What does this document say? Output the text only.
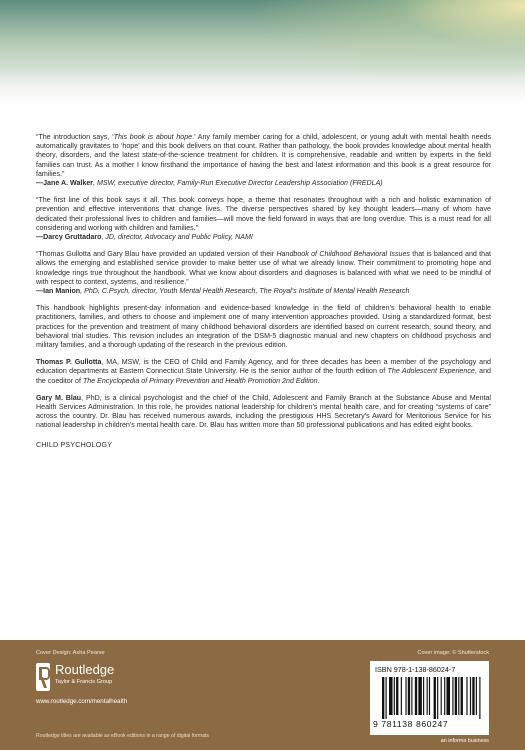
“The introduction says, ‘This book is about hope.’ Any family member caring for a child, adolescent, or young adult with mental health needs automatically gravitates to ‘hope’ and this book delivers on that count. Rather than pathology, the book provides knowledge about mental health theory, disorders, and the latest state-of-the-science treatment for children. It is comprehensive, readable and written by experts in the field families can trust. As a mother I know firsthand the importance of having the best and latest information and this book is a great resource for families.”

—Jane A. Walker, MSW, executive director, Family-Run Executive Director Leadership Association (FREDLA)

“The first line of this book says it all. This book conveys hope, a theme that resonates throughout with a rich and holistic examination of prevention and effective interventions that change lives. The diverse perspectives shared by key thought leaders—many of whom have dedicated their professional lives to children and families—will move the field forward in ways that are long overdue. This is a must read for all considering and working with children and families.”

—Darcy Gruttadaro, JD, director, Advocacy and Public Policy, NAMI

“Thomas Gullotta and Gary Blau have provided an updated version of their Handbook of Childhood Behavioral Issues that is balanced and that allows the emerging and established service provider to make better use of what we already know. Their commitment to promoting hope and knowledge rings true throughout the handbook. What we know about disorders and diagnoses is balanced with what we need to be mindful of with respect to context, systems, and resilience.”

—Ian Manion, PhD, C.Psych, director, Youth Mental Health Research, The Royal’s Institute of Mental Health Research

This handbook highlights present-day information and evidence-based knowledge in the field of children’s behavioral health to enable practitioners, families, and others to choose and implement one of many intervention approaches provided. Using a standardized format, best practices for the prevention and treatment of many childhood behavioral disorders are identified based on current research, sound theory, and behavioral trial studies. This revision includes an integration of the DSM-5 diagnostic manual and new chapters on childhood psychosis and military families, and a thorough updating of the research in the previous edition.

Thomas P. Gullotta, MA, MSW, is the CEO of Child and Family Agency, and for three decades has been a member of the psychology and education departments at Eastern Connecticut State University. He is the senior author of the fourth edition of The Adolescent Experience, and the coeditor of The Encyclopedia of Primary Prevention and Health Promotion 2nd Edition.

Gary M. Blau, PhD, is a clinical psychologist and the chief of the Child, Adolescent and Family Branch at the Substance Abuse and Mental Health Services Administration. In this role, he provides national leadership for children’s mental health care, and for creating “systems of care” across the country. Dr. Blau has received numerous awards, including the prestigious HHS Secretary’s Award for Meritorious Service for his national leadership in children’s mental health care. Dr. Blau has written more than 50 professional publications and has edited eight books.

CHILD PSYCHOLOGY
Cover Design: Asha Pearse	Cover image: © Shutterstock
Routledge
Taylor & Francis Group
www.routledge.com/mentalhealth
Routledge titles are available as eBook editions in a range of digital formats
ISBN 978-1-138-86024-7
9 781138 860247
an informa business
